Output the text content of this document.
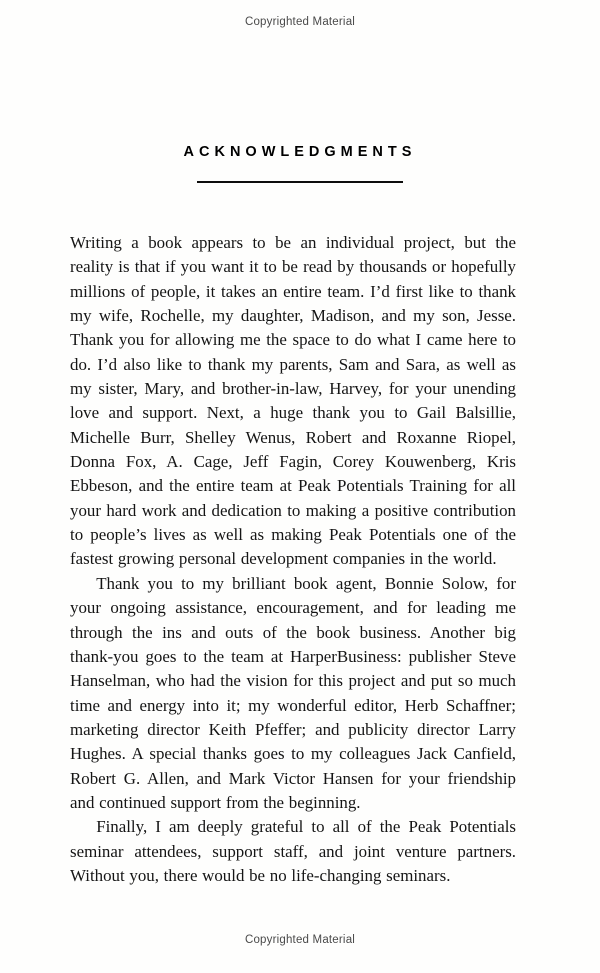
Copyrighted Material
ACKNOWLEDGMENTS

Writing a book appears to be an individual project, but the reality is that if you want it to be read by thousands or hopefully millions of people, it takes an entire team. I’d first like to thank my wife, Rochelle, my daughter, Madison, and my son, Jesse. Thank you for allowing me the space to do what I came here to do. I’d also like to thank my parents, Sam and Sara, as well as my sister, Mary, and brother-in-law, Harvey, for your unending love and support. Next, a huge thank you to Gail Balsillie, Michelle Burr, Shelley Wenus, Robert and Roxanne Riopel, Donna Fox, A. Cage, Jeff Fagin, Corey Kouwenberg, Kris Ebbeson, and the entire team at Peak Potentials Training for all your hard work and dedication to making a positive contribution to people’s lives as well as making Peak Potentials one of the fastest growing personal development companies in the world.

Thank you to my brilliant book agent, Bonnie Solow, for your ongoing assistance, encouragement, and for leading me through the ins and outs of the book business. Another big thank-you goes to the team at HarperBusiness: publisher Steve Hanselman, who had the vision for this project and put so much time and energy into it; my wonderful editor, Herb Schaffner; marketing director Keith Pfeffer; and publicity director Larry Hughes. A special thanks goes to my colleagues Jack Canfield, Robert G. Allen, and Mark Victor Hansen for your friendship and continued support from the beginning.

Finally, I am deeply grateful to all of the Peak Potentials seminar attendees, support staff, and joint venture partners. Without you, there would be no life-changing seminars.

Copyrighted Material
